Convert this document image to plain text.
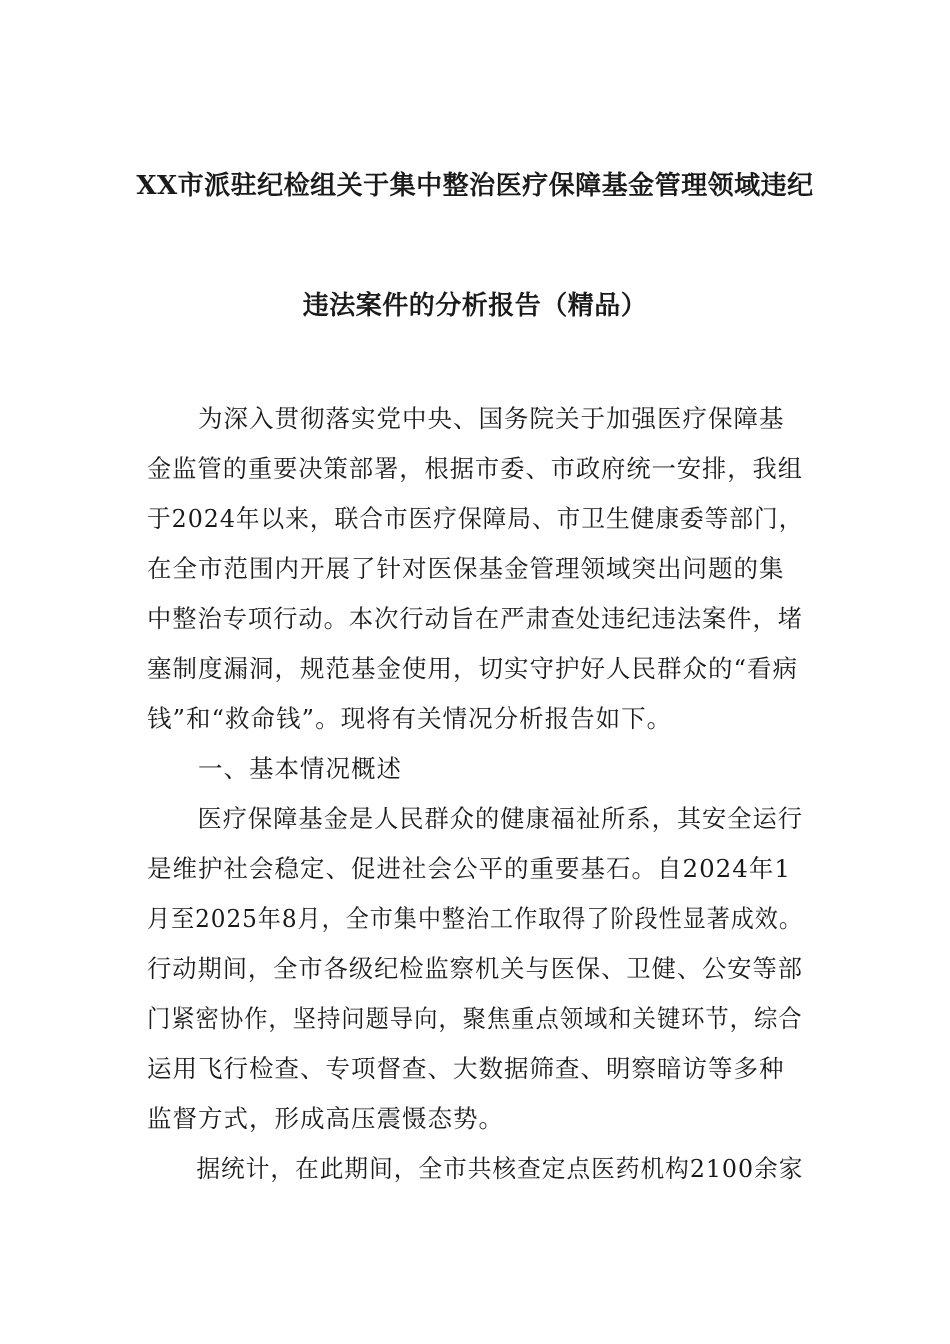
XX市派驻纪检组关于集中整治医疗保障基金管理领域违纪
违法案件的分析报告（精品）
　　为深入贯彻落实党中央、国务院关于加强医疗保障基
金监管的重要决策部署，根据市委、市政府统一安排，我组
于2024年以来，联合市医疗保障局、市卫生健康委等部门，
在全市范围内开展了针对医保基金管理领域突出问题的集
中整治专项行动。本次行动旨在严肃查处违纪违法案件，堵
塞制度漏洞，规范基金使用，切实守护好人民群众的“看病
钱”和“救命钱”。现将有关情况分析报告如下。
　　一、基本情况概述
　　医疗保障基金是人民群众的健康福祉所系，其安全运行
是维护社会稳定、促进社会公平的重要基石。自2024年1
月至2025年8月，全市集中整治工作取得了阶段性显著成效。
行动期间，全市各级纪检监察机关与医保、卫健、公安等部
门紧密协作，坚持问题导向，聚焦重点领域和关键环节，综合
运用飞行检查、专项督查、大数据筛查、明察暗访等多种
监督方式，形成高压震慑态势。
　　据统计，在此期间，全市共核查定点医药机构2100余家
